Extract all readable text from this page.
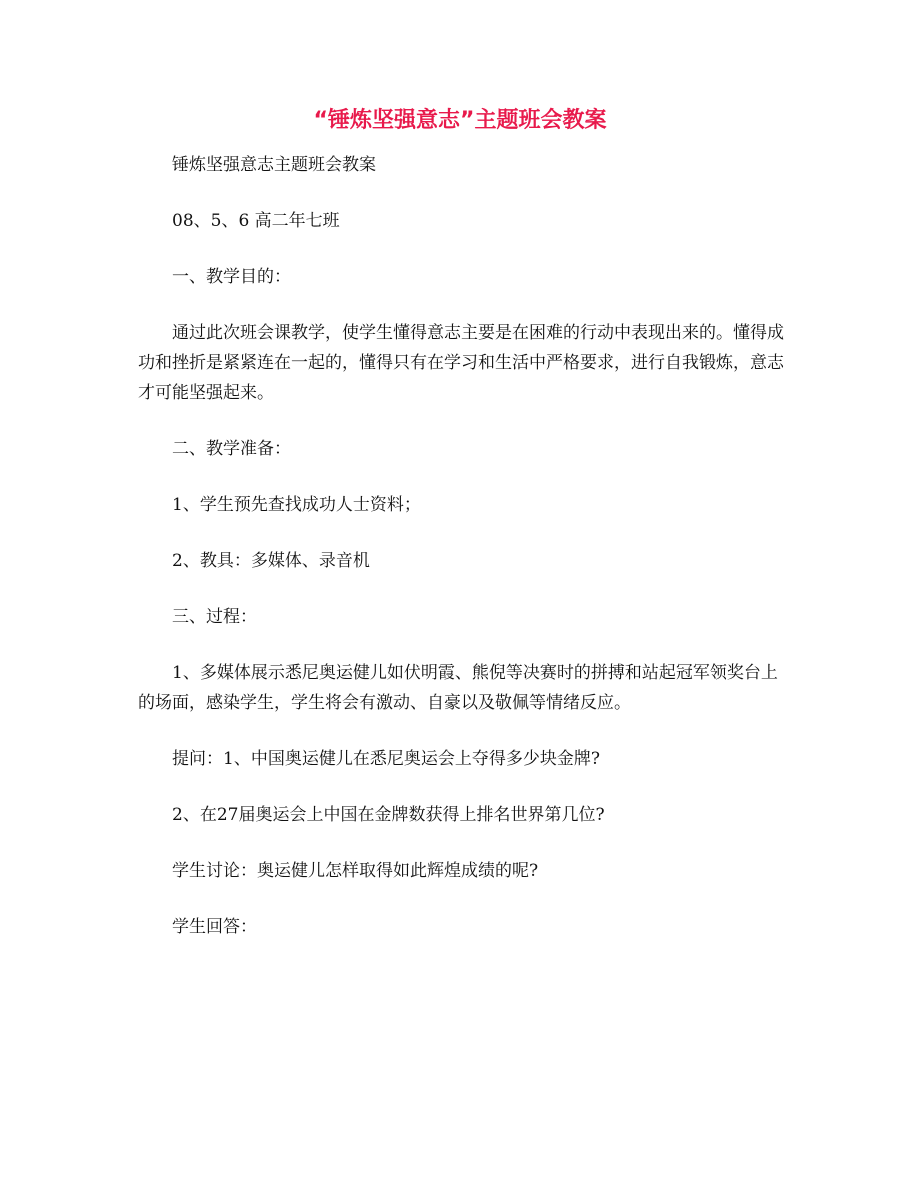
“锤炼坚强意志”主题班会教案

锤炼坚强意志主题班会教案

08、5、6 高二年七班

一、教学目的：

通过此次班会课教学，使学生懂得意志主要是在困难的行动中表现出来的。懂得成功和挫折是紧紧连在一起的，懂得只有在学习和生活中严格要求，进行自我锻炼，意志才可能坚强起来。

二、教学准备：

1、学生预先查找成功人士资料；

2、教具：多媒体、录音机

三、过程：

1、多媒体展示悉尼奥运健儿如伏明霞、熊倪等决赛时的拼搏和站起冠军领奖台上的场面，感染学生，学生将会有激动、自豪以及敬佩等情绪反应。

提问：1、中国奥运健儿在悉尼奥运会上夺得多少块金牌?

2、在27届奥运会上中国在金牌数获得上排名世界第几位?

学生讨论：奥运健儿怎样取得如此辉煌成绩的呢?

学生回答：
